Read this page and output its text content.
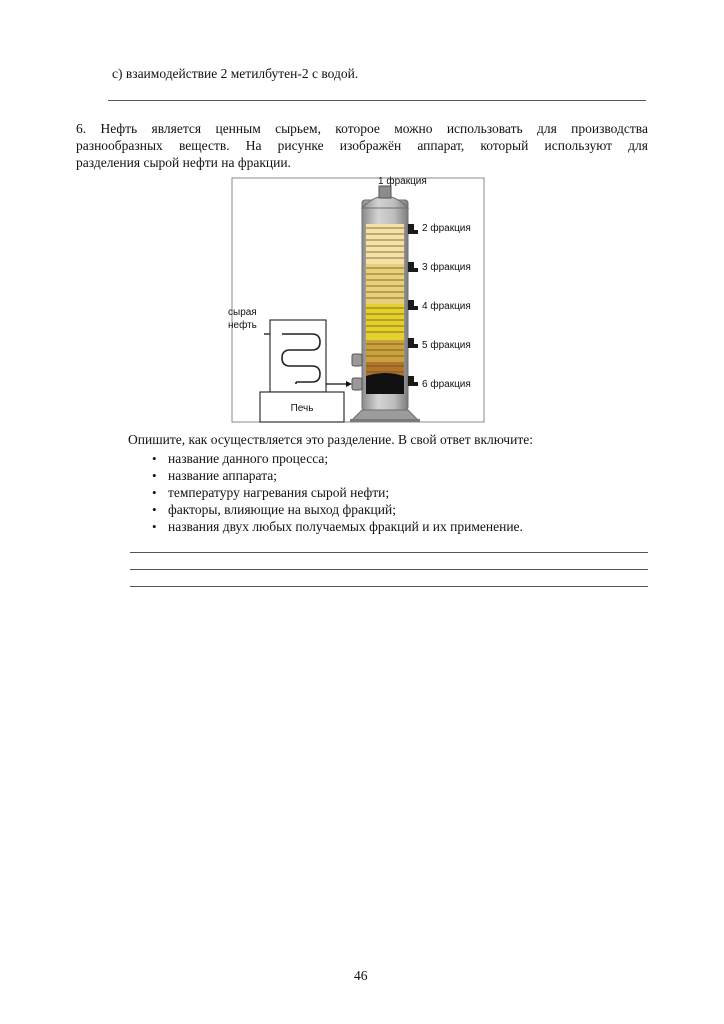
c) взаимодействие 2 метилбутен-2 с водой.
6. Нефть является ценным сырьем, которое можно использовать для производства
разнообразных веществ. На рисунке изображён аппарат, который используют для
разделения сырой нефти на фракции.
сырая
нефть
Печь
1 фракция
2 фракция
3 фракция
4 фракция
5 фракция
6 фракция
Опишите, как осуществляется это разделение. В свой ответ включите:
• название данного процесса;
• название аппарата;
• температуру нагревания сырой нефти;
• факторы, влияющие на выход фракций;
• названия двух любых получаемых фракций и их применение.
46
